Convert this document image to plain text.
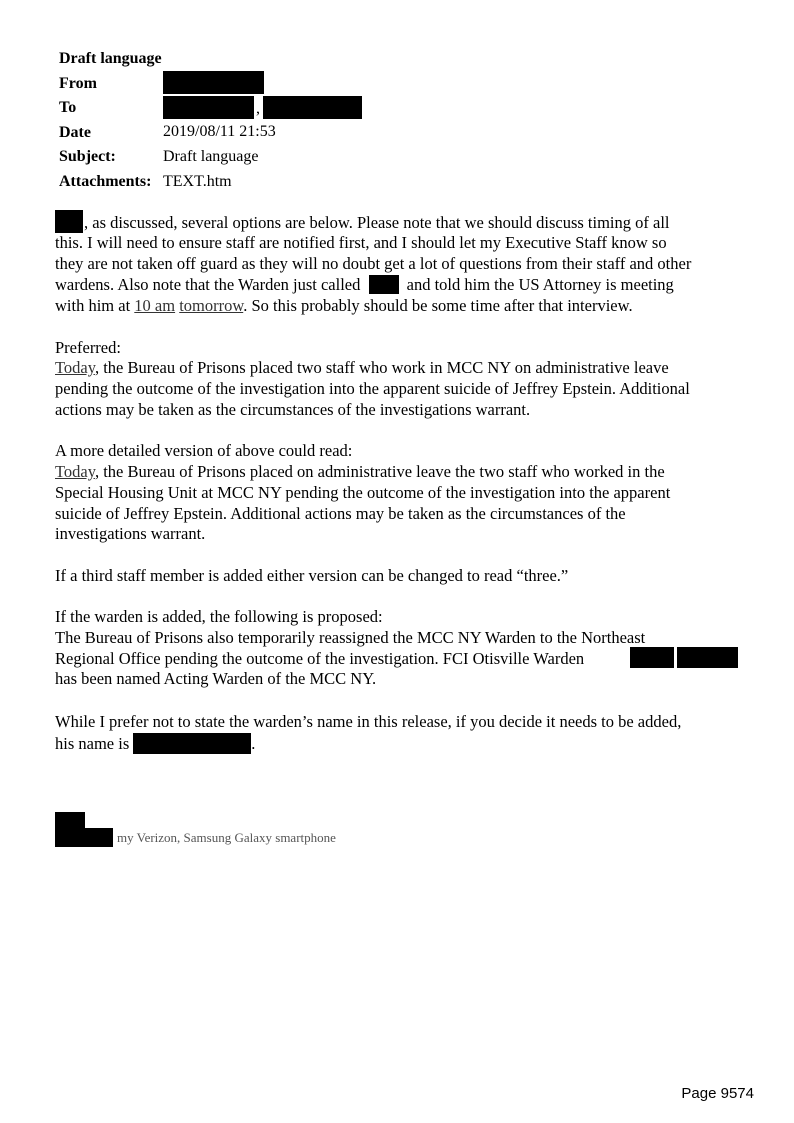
Draft language
From
To	,
Date	2019/08/11 21:53
Subject:	Draft language
Attachments: TEXT.htm
, as discussed, several options are below. Please note that we should discuss timing of all
this. I will need to ensure staff are notified first, and I should let my Executive Staff know so
they are not taken off guard as they will no doubt get a lot of questions from their staff and other
wardens. Also note that the Warden just called	and told him the US Attorney is meeting
with him at 10 am tomorrow. So this probably should be some time after that interview.
Preferred:
Today, the Bureau of Prisons placed two staff who work in MCC NY on administrative leave
pending the outcome of the investigation into the apparent suicide of Jeffrey Epstein. Additional
actions may be taken as the circumstances of the investigations warrant.
A more detailed version of above could read:
Today, the Bureau of Prisons placed on administrative leave the two staff who worked in the
Special Housing Unit at MCC NY pending the outcome of the investigation into the apparent
suicide of Jeffrey Epstein. Additional actions may be taken as the circumstances of the
investigations warrant.
If a third staff member is added either version can be changed to read “three.”
If the warden is added, the following is proposed:
The Bureau of Prisons also temporarily reassigned the MCC NY Warden to the Northeast
Regional Office pending the outcome of the investigation. FCI Otisville Warden
has been named Acting Warden of the MCC NY.
While I prefer not to state the warden’s name in this release, if you decide it needs to be added,
his name is	.
my Verizon, Samsung Galaxy smartphone
Page 9574
